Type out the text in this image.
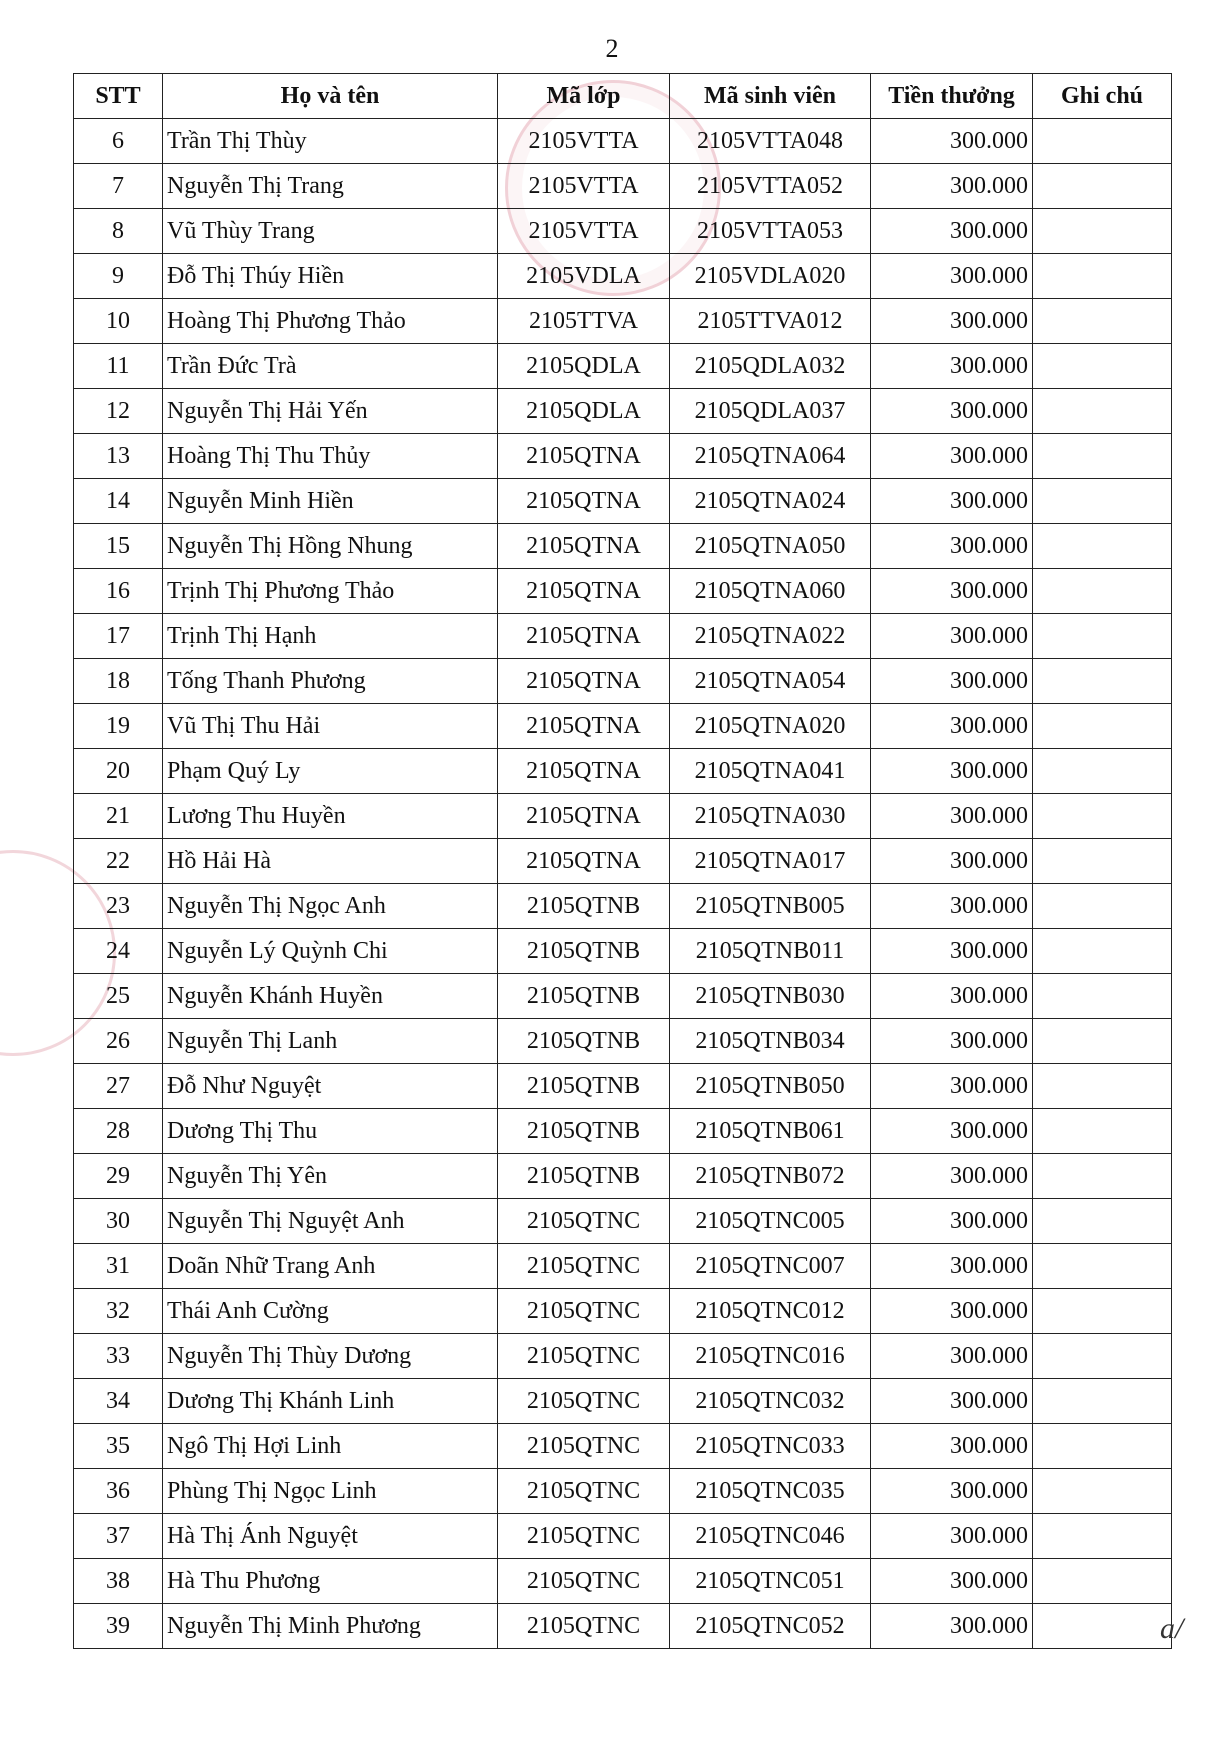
2
STT	Họ và tên	Mã lớp	Mã sinh viên	Tiền thưởng	Ghi chú
6	Trần Thị Thùy	2105VTTA	2105VTTA048	300.000	
7	Nguyễn Thị Trang	2105VTTA	2105VTTA052	300.000	
8	Vũ Thùy Trang	2105VTTA	2105VTTA053	300.000	
9	Đỗ Thị Thúy Hiền	2105VDLA	2105VDLA020	300.000	
10	Hoàng Thị Phương Thảo	2105TTVA	2105TTVA012	300.000	
11	Trần Đức Trà	2105QDLA	2105QDLA032	300.000	
12	Nguyễn Thị Hải Yến	2105QDLA	2105QDLA037	300.000	
13	Hoàng Thị Thu Thủy	2105QTNA	2105QTNA064	300.000	
14	Nguyễn Minh Hiền	2105QTNA	2105QTNA024	300.000	
15	Nguyễn Thị Hồng Nhung	2105QTNA	2105QTNA050	300.000	
16	Trịnh Thị Phương Thảo	2105QTNA	2105QTNA060	300.000	
17	Trịnh Thị Hạnh	2105QTNA	2105QTNA022	300.000	
18	Tống Thanh Phương	2105QTNA	2105QTNA054	300.000	
19	Vũ Thị Thu Hải	2105QTNA	2105QTNA020	300.000	
20	Phạm Quý Ly	2105QTNA	2105QTNA041	300.000	
21	Lương Thu Huyền	2105QTNA	2105QTNA030	300.000	
22	Hồ Hải Hà	2105QTNA	2105QTNA017	300.000	
23	Nguyễn Thị Ngọc Anh	2105QTNB	2105QTNB005	300.000	
24	Nguyễn Lý Quỳnh Chi	2105QTNB	2105QTNB011	300.000	
25	Nguyễn Khánh Huyền	2105QTNB	2105QTNB030	300.000	
26	Nguyễn Thị Lanh	2105QTNB	2105QTNB034	300.000	
27	Đỗ Như Nguyệt	2105QTNB	2105QTNB050	300.000	
28	Dương Thị Thu	2105QTNB	2105QTNB061	300.000	
29	Nguyễn Thị Yên	2105QTNB	2105QTNB072	300.000	
30	Nguyễn Thị Nguyệt Anh	2105QTNC	2105QTNC005	300.000	
31	Doãn Nhữ Trang Anh	2105QTNC	2105QTNC007	300.000	
32	Thái Anh Cường	2105QTNC	2105QTNC012	300.000	
33	Nguyễn Thị Thùy Dương	2105QTNC	2105QTNC016	300.000	
34	Dương Thị Khánh Linh	2105QTNC	2105QTNC032	300.000	
35	Ngô Thị Hợi Linh	2105QTNC	2105QTNC033	300.000	
36	Phùng Thị Ngọc Linh	2105QTNC	2105QTNC035	300.000	
37	Hà Thị Ánh Nguyệt	2105QTNC	2105QTNC046	300.000	
38	Hà Thu Phương	2105QTNC	2105QTNC051	300.000	
39	Nguyễn Thị Minh Phương	2105QTNC	2105QTNC052	300.000		a/
